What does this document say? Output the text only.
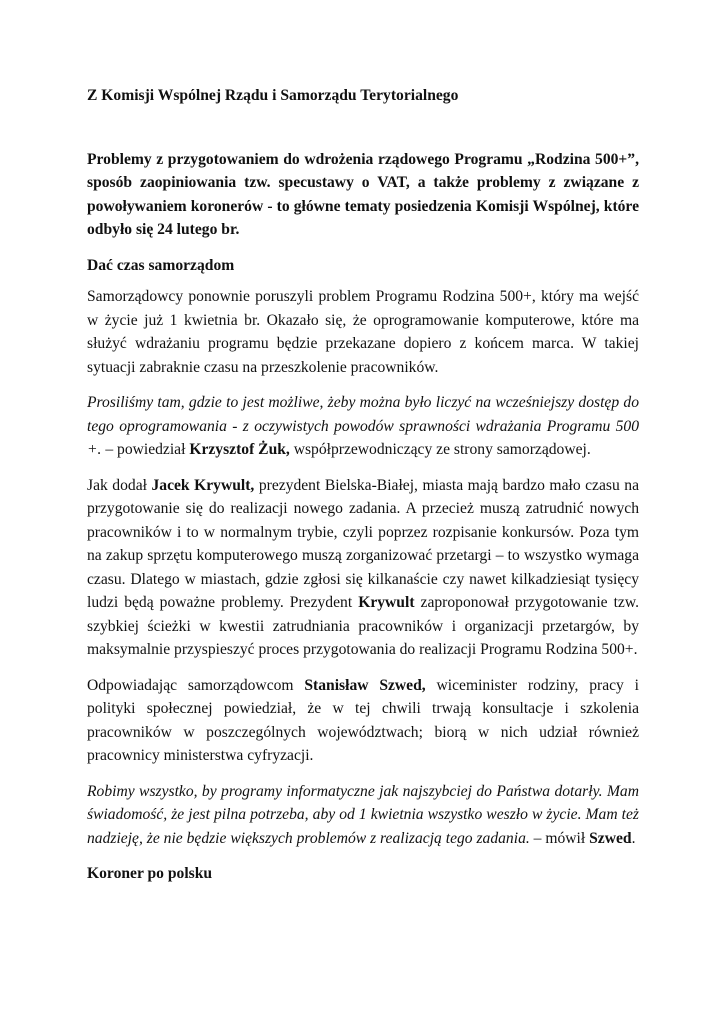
Z Komisji Wspólnej Rządu i Samorządu Terytorialnego

Problemy z przygotowaniem do wdrożenia rządowego Programu „Rodzina 500+”, sposób zaopiniowania tzw. specustawy o VAT, a także problemy z związane z powoływaniem koronerów - to główne tematy posiedzenia Komisji Wspólnej, które odbyło się 24 lutego br.

Dać czas samorządom

Samorządowcy ponownie poruszyli problem Programu Rodzina 500+, który ma wejść w życie już 1 kwietnia br. Okazało się, że oprogramowanie komputerowe, które ma służyć wdrażaniu programu będzie przekazane dopiero z końcem marca. W takiej sytuacji zabraknie czasu na przeszkolenie pracowników.

Prosiliśmy tam, gdzie to jest możliwe, żeby można było liczyć na wcześniejszy dostęp do tego oprogramowania - z oczywistych powodów sprawności wdrażania Programu 500 +. – powiedział Krzysztof Żuk, współprzewodniczący ze strony samorządowej.

Jak dodał Jacek Krywult, prezydent Bielska-Białej, miasta mają bardzo mało czasu na przygotowanie się do realizacji nowego zadania. A przecież muszą zatrudnić nowych pracowników i to w normalnym trybie, czyli poprzez rozpisanie konkursów. Poza tym na zakup sprzętu komputerowego muszą zorganizować przetargi – to wszystko wymaga czasu. Dlatego w miastach, gdzie zgłosi się kilkanaście czy nawet kilkadziesiąt tysięcy ludzi będą poważne problemy. Prezydent Krywult zaproponował przygotowanie tzw. szybkiej ścieżki w kwestii zatrudniania pracowników i organizacji przetargów, by maksymalnie przyspieszyć proces przygotowania do realizacji Programu Rodzina 500+.

Odpowiadając samorządowcom Stanisław Szwed, wiceminister rodziny, pracy i polityki społecznej powiedział, że w tej chwili trwają konsultacje i szkolenia pracowników w poszczególnych województwach; biorą w nich udział również pracownicy ministerstwa cyfryzacji.

Robimy wszystko, by programy informatyczne jak najszybciej do Państwa dotarły. Mam świadomość, że jest pilna potrzeba, aby od 1 kwietnia wszystko weszło w życie. Mam też nadzieję, że nie będzie większych problemów z realizacją tego zadania. – mówił Szwed.

Koroner po polsku
